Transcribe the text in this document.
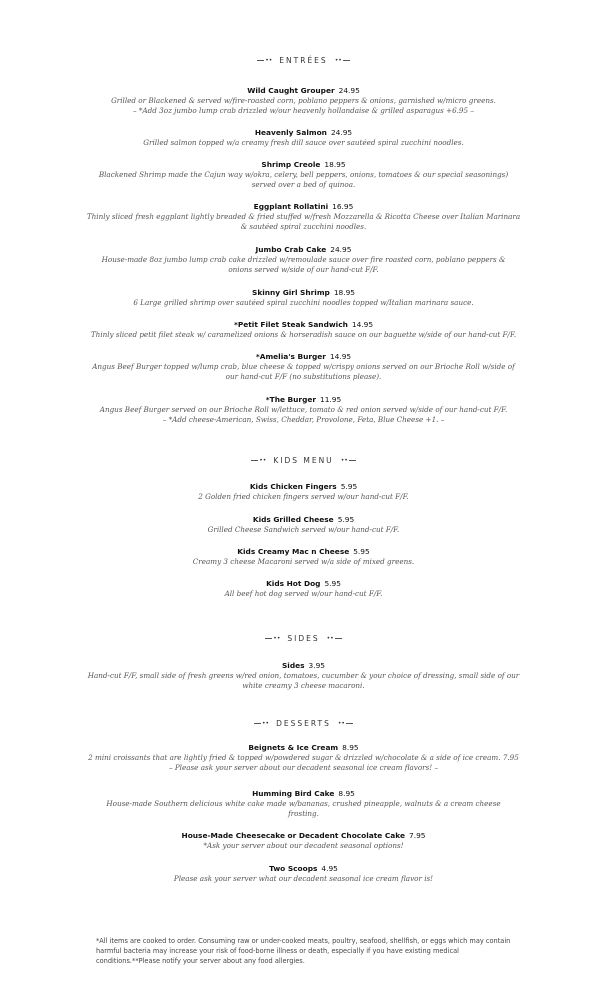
•• ENTRÉES ••
Wild Caught Grouper 24.95
Grilled or Blackened & served w/fire-roasted corn, poblano peppers & onions, garnished w/micro greens.
– *Add 3oz jumbo lump crab drizzled w/our heavenly hollandaise & grilled asparagus +6.95 –
Heavenly Salmon 24.95
Grilled salmon topped w/a creamy fresh dill sauce over sautéed spiral zucchini noodles.
Shrimp Creole 18.95
Blackened Shrimp made the Cajun way w/okra, celery, bell peppers, onions, tomatoes & our special seasonings)
served over a bed of quinoa.
Eggplant Rollatini 16.95
Thinly sliced fresh eggplant lightly breaded & fried stuffed w/fresh Mozzarella & Ricotta Cheese over Italian Marinara
& sautéed spiral zucchini noodles.
Jumbo Crab Cake 24.95
House-made 8oz jumbo lump crab cake drizzled w/remoulade sauce over fire roasted corn, poblano peppers &
onions served w/side of our hand-cut F/F.
Skinny Girl Shrimp 18.95
6 Large grilled shrimp over sautéed spiral zucchini noodles topped w/Italian marinara sauce.
*Petit Filet Steak Sandwich 14.95
Thinly sliced petit filet steak w/ caramelized onions & horseradish sauce on our baguette w/side of our hand-cut F/F.
*Amelia's Burger 14.95
Angus Beef Burger topped w/lump crab, blue cheese & topped w/crispy onions served on our Brioche Roll w/side of
our hand-cut F/F (no substitutions please).
*The Burger 11.95
Angus Beef Burger served on our Brioche Roll w/lettuce, tomato & red onion served w/side of our hand-cut F/F.
– *Add cheese-American, Swiss, Cheddar, Provolone, Feta, Blue Cheese +1. –
•• KIDS MENU ••
Kids Chicken Fingers 5.95
2 Golden fried chicken fingers served w/our hand-cut F/F.
Kids Grilled Cheese 5.95
Grilled Cheese Sandwich served w/our hand-cut F/F.
Kids Creamy Mac n Cheese 5.95
Creamy 3 cheese Macaroni served w/a side of mixed greens.
Kids Hot Dog 5.95
All beef hot dog served w/our hand-cut F/F.
•• SIDES ••
Sides 3.95
Hand-cut F/F, small side of fresh greens w/red onion, tomatoes, cucumber & your choice of dressing, small side of our
white creamy 3 cheese macaroni.
•• DESSERTS ••
Beignets & Ice Cream 8.95
2 mini croissants that are lightly fried & topped w/powdered sugar & drizzled w/chocolate & a side of ice cream. 7.95
– Please ask your server about our decadent seasonal ice cream flavors! –
Humming Bird Cake 8.95
House-made Southern delicious white cake made w/bananas, crushed pineapple, walnuts & a cream cheese
frosting.
House-Made Cheesecake or Decadent Chocolate Cake 7.95
*Ask your server about our decadent seasonal options!
Two Scoops 4.95
Please ask your server what our decadent seasonal ice cream flavor is!
*All items are cooked to order. Consuming raw or under-cooked meats, poultry, seafood, shellfish, or eggs which may contain harmful bacteria may increase your risk of food-borne illness or death, especially if you have existing medical conditions.**Please notify your server about any food allergies.
